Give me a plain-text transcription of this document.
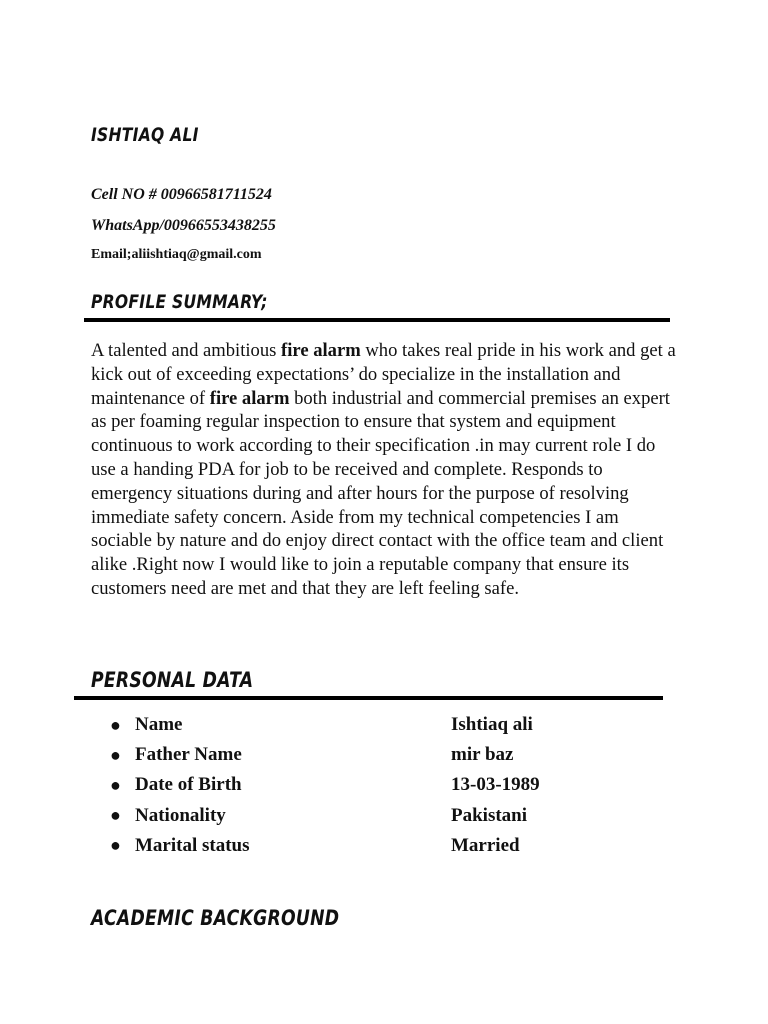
ISHTIAQ ALI

Cell NO # 00966581711524

WhatsApp/00966553438255

Email;aliishtiaq@gmail.com

PROFILE SUMMARY;

A talented and ambitious fire alarm who takes real pride in his work and get a kick out of exceeding expectations’ do specialize in the installation and maintenance of fire alarm both industrial and commercial premises an expert as per foaming regular inspection to ensure that system and equipment continuous to work according to their specification .in may current role I do use a handing PDA for job to be received and complete. Responds to emergency situations during and after hours for the purpose of resolving immediate safety concern. Aside from my technical competencies I am sociable by nature and do enjoy direct contact with the office team and client alike .Right now I would like to join a reputable company that ensure its customers need are met and that they are left feeling safe.

PERSONAL DATA
● Name	Ishtiaq ali
● Father Name	mir baz
● Date of Birth	13-03-1989
● Nationality	Pakistani
● Marital status	Married
ACADEMIC BACKGROUND
